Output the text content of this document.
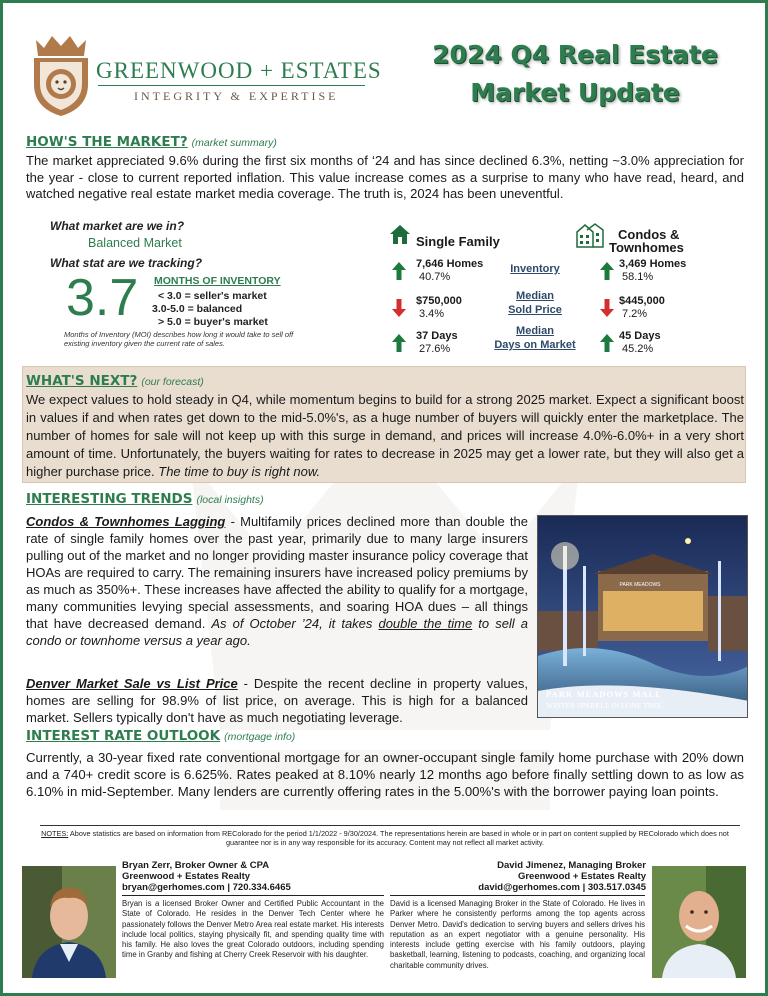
GREENWOOD + ESTATES
INTEGRITY & EXPERTISE
2024 Q4 Real Estate
Market Update
HOW'S THE MARKET? (market summary)
The market appreciated 9.6% during the first six months of ‘24 and has since declined 6.3%, netting ~3.0% appreciation for the year - close to current reported inflation. This value increase comes as a surprise to many who have read, heard, and watched negative real estate market media coverage. The truth is, 2024 has been uneventful.
What market are we in?
Balanced Market
What stat are we tracking?
3.7 MONTHS OF INVENTORY
< 3.0 = seller's market
3.0-5.0 = balanced
> 5.0 = buyer's market
Months of Inventory (MOI) describes how long it would take to sell off existing inventory given the current rate of sales.
Single Family	Condos &
Townhomes
7,646 Homes
40.7%
Inventory	3,469 Homes
58.1%
$750,000
3.4%
Median
Sold Price
$445,000
7.2%
37 Days
27.6%
Median
Days on Market
45 Days
45.2%
WHAT'S NEXT? (our forecast)
We expect values to hold steady in Q4, while momentum begins to build for a strong 2025 market. Expect a significant boost in values if and when rates get down to the mid-5.0%'s, as a huge number of buyers will quickly enter the marketplace. The number of homes for sale will not keep up with this surge in demand, and prices will increase 4.0%-6.0%+ in a very short amount of time. Unfortunately, the buyers waiting for rates to decrease in 2025 may get a lower rate, but they will also get a higher purchase price. The time to buy is right now.
INTERESTING TRENDS (local insights)
Condos & Townhomes Lagging - Multifamily prices declined more than double the rate of single family homes over the past year, primarily due to many large insurers pulling out of the market and no longer providing master insurance policy coverage that HOAs are required to carry. The remaining insurers have increased policy premiums by as much as 350%+. These increases have affected the ability to qualify for a mortgage, many communities levying special assessments, and soaring HOA dues – all things that have decreased demand. As of October ’24, it takes double the time to sell a condo or townhome versus a year ago.
Denver Market Sale vs List Price - Despite the recent decline in property values, homes are selling for 98.9% of list price, on average. This is high for a balanced market. Sellers typically don't have as much negotiating leverage.
PARK MEADOWS
PARK MEADOWS MALL
WINTER SPARKLE IN LONE TREE
INTEREST RATE OUTLOOK (mortgage info)
Currently, a 30-year fixed rate conventional mortgage for an owner-occupant single family home purchase with 20% down and a 740+ credit score is 6.625%. Rates peaked at 8.10% nearly 12 months ago before finally settling down to as low as 6.10% in mid-September. Many lenders are currently offering rates in the 5.00%'s with the borrower paying loan points.
NOTES: Above statistics are based on information from REColorado for the period 1/1/2022 - 9/30/2024. The representations herein are based in whole or in part on content supplied by REColorado which does not guarantee nor is in any way responsible for its accuracy. Content may not reflect all market activity.
Bryan Zerr, Broker Owner & CPA
Greenwood + Estates Realty
bryan@gerhomes.com | 720.334.6465
Bryan is a licensed Broker Owner and Certified Public Accountant in the State of Colorado. He resides in the Denver Tech Center where he passionately follows the Denver Metro Area real estate market. His interests include local politics, staying physically fit, and spending quality time with his family. He also loves the great Colorado outdoors, including spending time in Granby and fishing at Cherry Creek Reservoir with his daughter.
David Jimenez, Managing Broker
Greenwood + Estates Realty
david@gerhomes.com | 303.517.0345
David is a licensed Managing Broker in the State of Colorado. He lives in Parker where he consistently performs among the top agents across Denver Metro. David's dedication to serving buyers and sellers drives his reputation as an expert negotiator with a genuine personality. His interests include getting exercise with his family outdoors, playing basketball, learning, listening to podcasts, coaching, and organizing local charitable community drives.
